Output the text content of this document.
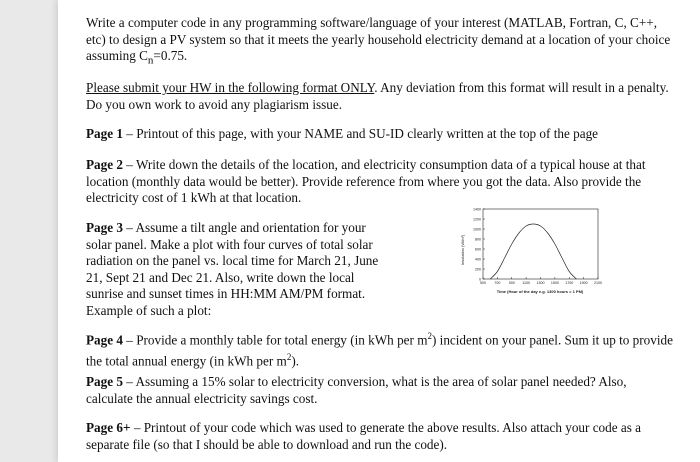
Write a computer code in any programming software/language of your interest (MATLAB, Fortran, C, C++, etc) to design a PV system so that it meets the yearly household electricity demand at a location of your choice assuming $C_n=0.75$.

Please submit your HW in the following format ONLY. Any deviation from this format will result in a penalty. Do you own work to avoid any plagiarism issue.

Page 1 – Printout of this page, with your NAME and SU-ID clearly written at the top of the page

Page 2 – Write down the details of the location, and electricity consumption data of a typical house at that location (monthly data would be better). Provide reference from where you got the data. Also provide the electricity cost of 1 kWh at that location.

Page 3 – Assume a tilt angle and orientation for your solar panel. Make a plot with four curves of total solar radiation on the panel vs. local time for March 21, June 21, Sept 21 and Dec 21. Also, write down the local sunrise and sunset times in HH:MM AM/PM format. Example of such a plot:

Insolation (W/m²)
1400
1200
1000
800
600
400
200
0
500 700 900 1100 1300 1500 1700 1900 2100
Time (Hour of the day e.g. 1300 hours = 1 PM)

Page 4 – Provide a monthly table for total energy (in kWh per $m^2$) incident on your panel. Sum it up to provide the total annual energy (in kWh per $m^2$).

Page 5 – Assuming a 15% solar to electricity conversion, what is the area of solar panel needed? Also, calculate the annual electricity savings cost.

Page 6+ – Printout of your code which was used to generate the above results. Also attach your code as a separate file (so that I should be able to download and run the code).
